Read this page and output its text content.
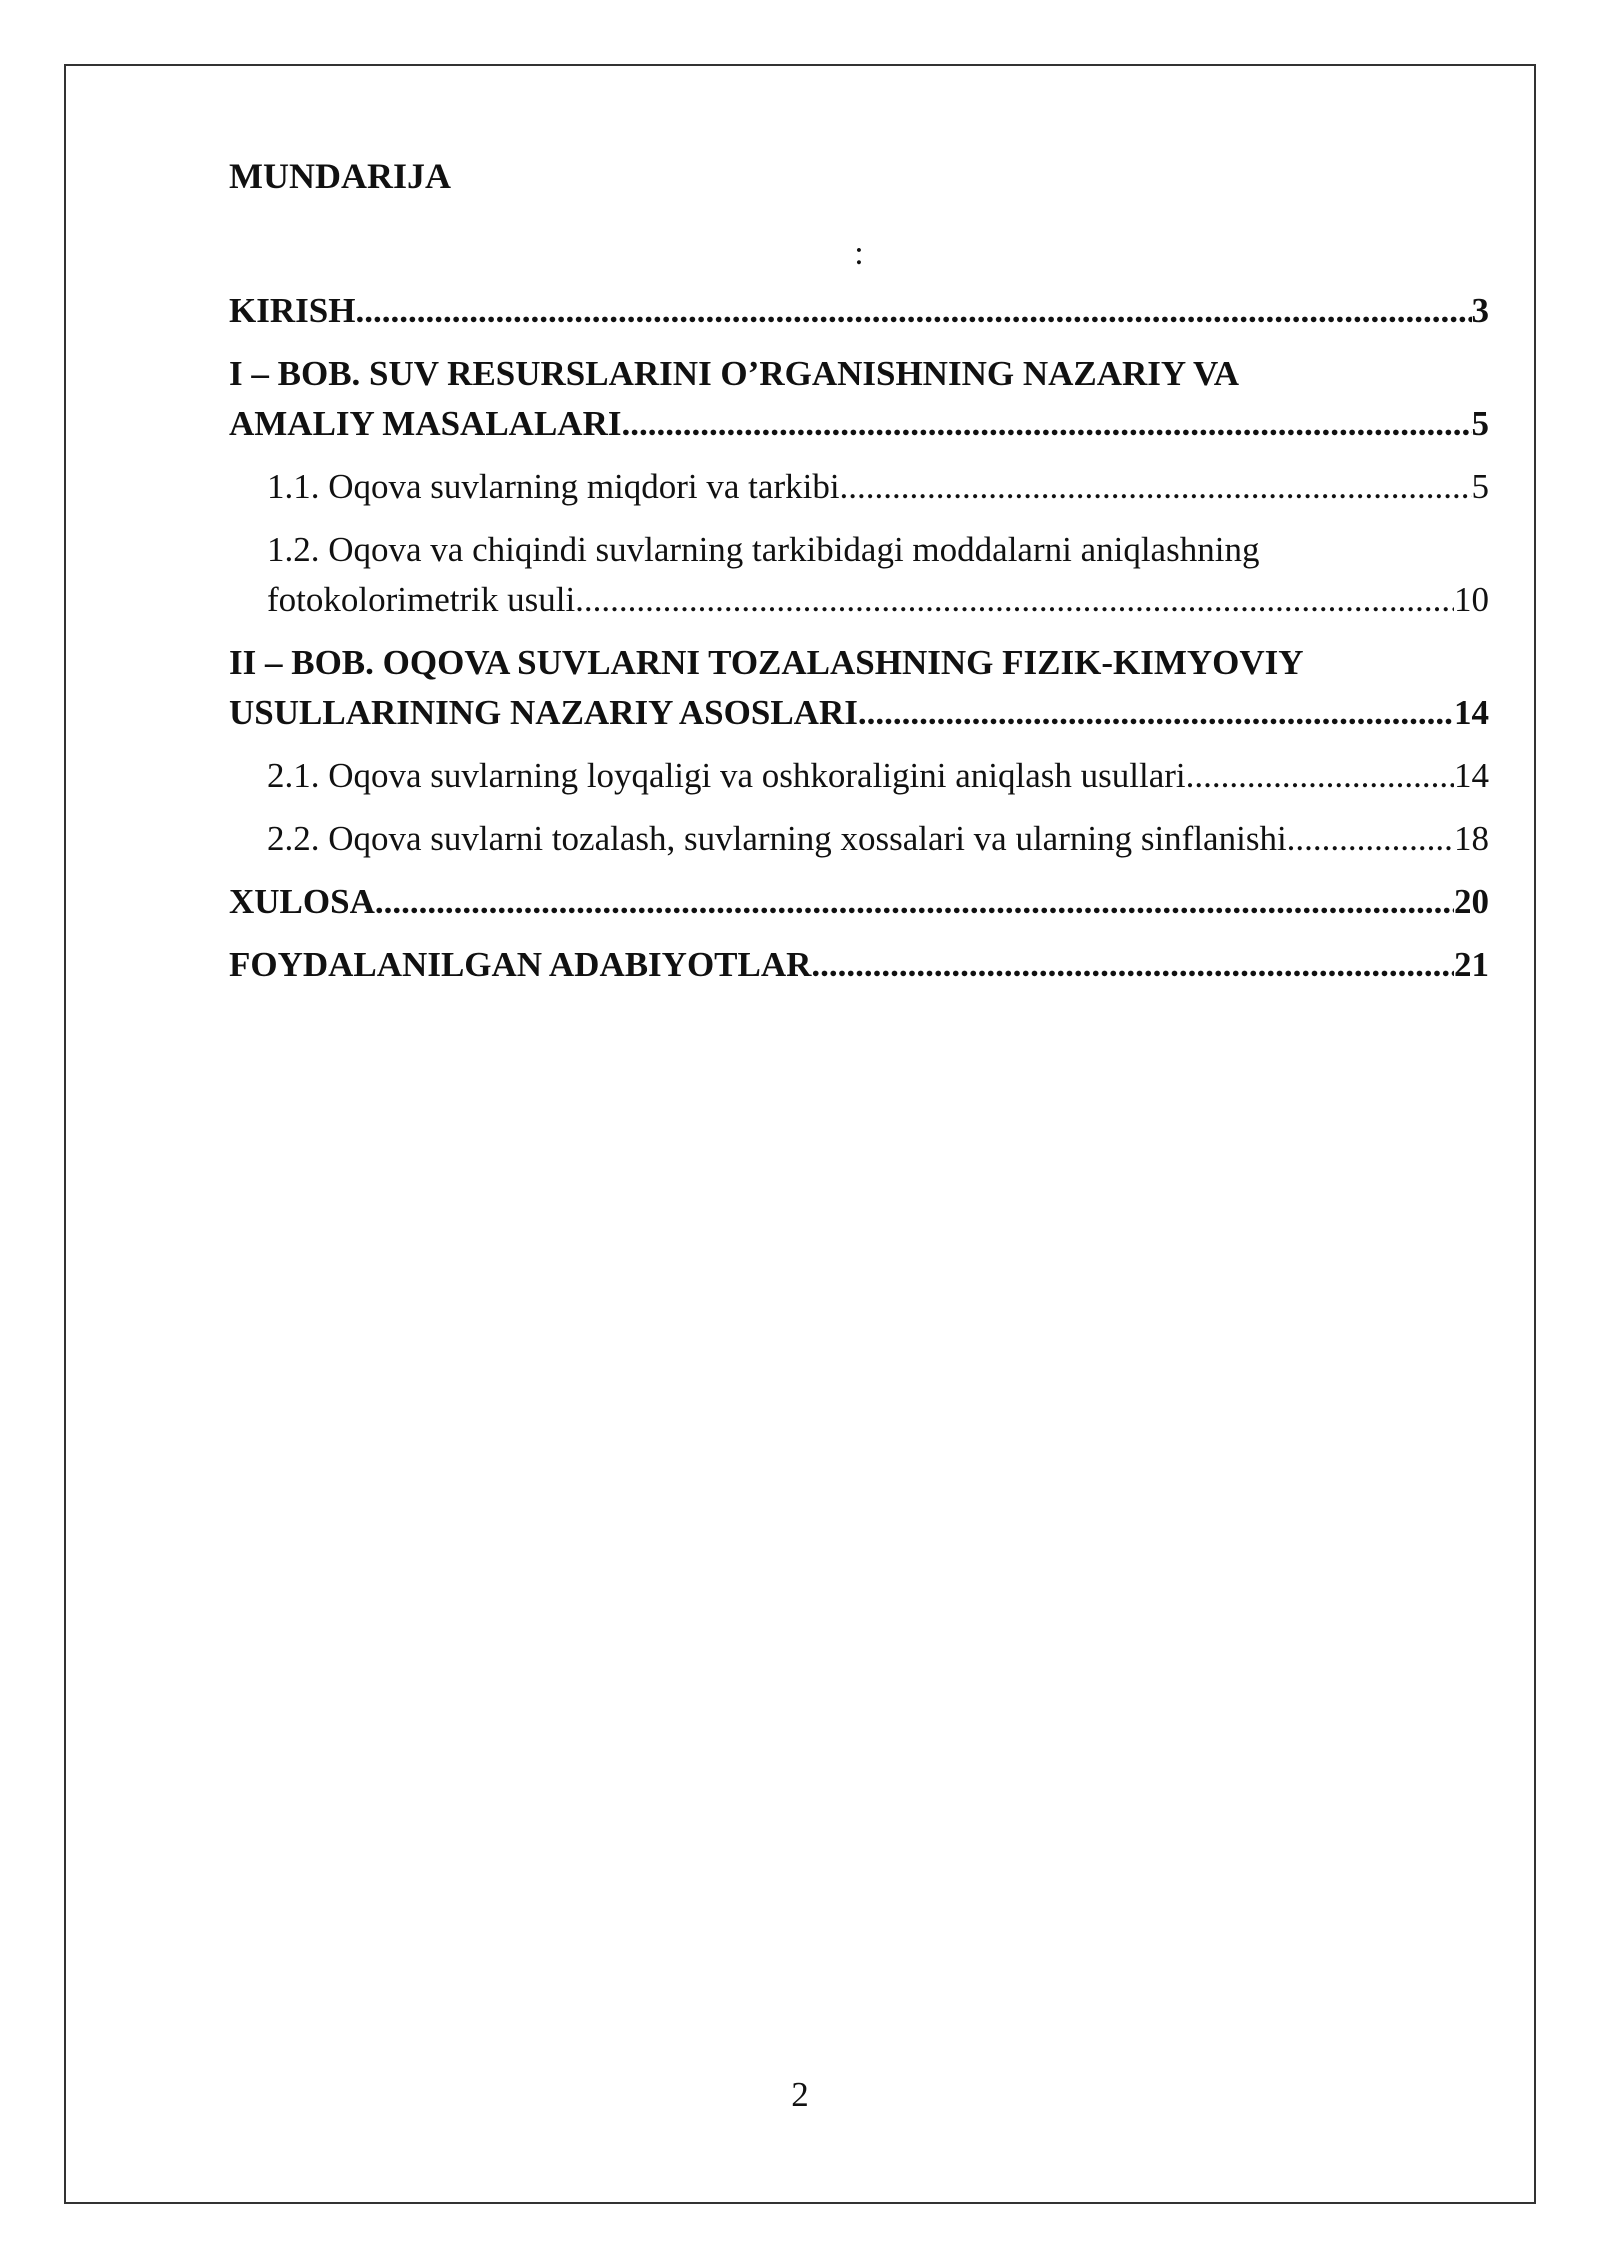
MUNDARIJA
:
KIRISH .....	3
I – BOB. SUV RESURSLARINI O’RGANISHNING NAZARIY VA
AMALIY MASALALARI .....	5
1.1. Oqova suvlarning miqdori va tarkibi .....	5
1.2. Oqova va chiqindi suvlarning tarkibidagi moddalarni aniqlashning
fotokolorimetrik usuli .....	10
II – BOB. OQOVA SUVLARNI TOZALASHNING FIZIK-KIMYOVIY
USULLARINING NAZARIY ASOSLARI .....	14
2.1. Oqova suvlarning loyqaligi va oshkoraligini aniqlash usullari .....	14
2.2. Oqova suvlarni tozalash, suvlarning xossalari va ularning sinflanishi .....	18
XULOSA .....	20
FOYDALANILGAN ADABIYOTLAR .....	21
2
